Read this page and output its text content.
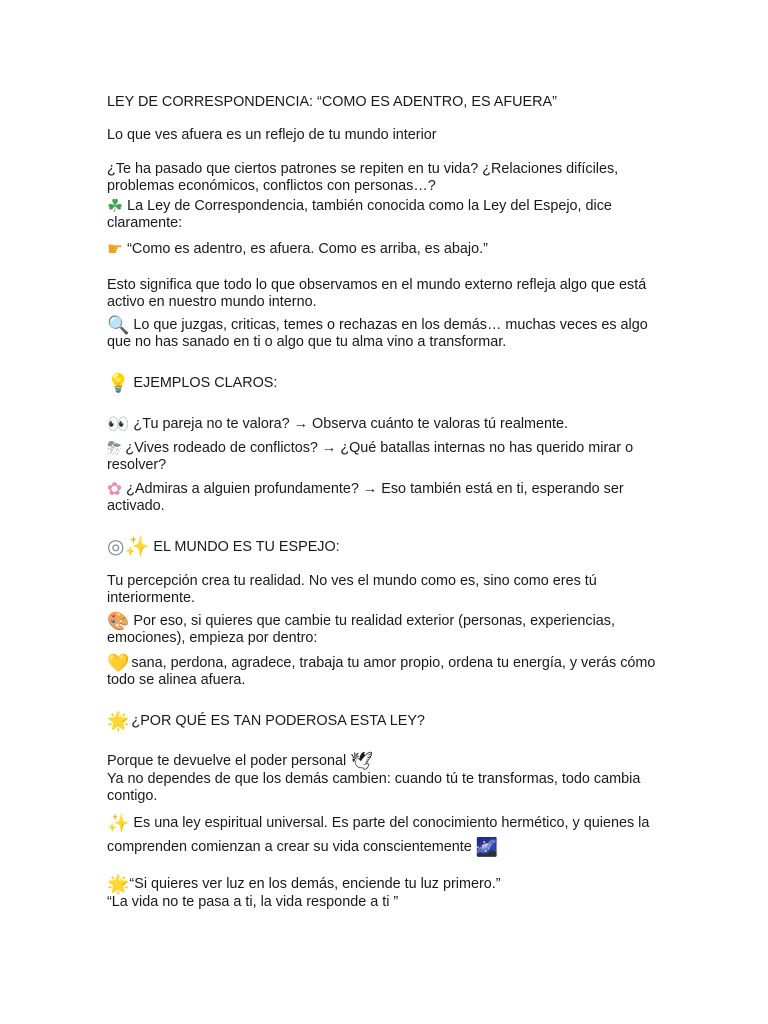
LEY DE CORRESPONDENCIA: “COMO ES ADENTRO, ES AFUERA”
Lo que ves afuera es un reflejo de tu mundo interior
¿Te ha pasado que ciertos patrones se repiten en tu vida? ¿Relaciones difíciles, problemas económicos, conflictos con personas…?
☘ La Ley de Correspondencia, también conocida como la Ley del Espejo, dice claramente:
☛ “Como es adentro, es afuera. Como es arriba, es abajo.”
Esto significa que todo lo que observamos en el mundo externo refleja algo que está activo en nuestro mundo interno.
🔍 Lo que juzgas, criticas, temes o rechazas en los demás… muchas veces es algo que no has sanado en ti o algo que tu alma vino a transformar.
💡 EJEMPLOS CLAROS:
👀 ¿Tu pareja no te valora? → Observa cuánto te valoras tú realmente.
⛈ ¿Vives rodeado de conflictos? → ¿Qué batallas internas no has querido mirar o resolver?
✿ ¿Admiras a alguien profundamente? → Eso también está en ti, esperando ser activado.
◎✨ EL MUNDO ES TU ESPEJO:
Tu percepción crea tu realidad. No ves el mundo como es, sino como eres tú interiormente.
🎨 Por eso, si quieres que cambie tu realidad exterior (personas, experiencias, emociones), empieza por dentro:
💛 sana, perdona, agradece, trabaja tu amor propio, ordena tu energía, y verás cómo todo se alinea afuera.
🌟 ¿POR QUÉ ES TAN PODEROSA ESTA LEY?
Porque te devuelve el poder personal 🕊
Ya no dependes de que los demás cambien: cuando tú te transformas, todo cambia contigo.
✨ Es una ley espiritual universal. Es parte del conocimiento hermético, y quienes la comprenden comienzan a crear su vida conscientemente 🌌
🌟“Si quieres ver luz en los demás, enciende tu luz primero.”
“La vida no te pasa a ti, la vida responde a ti ”
